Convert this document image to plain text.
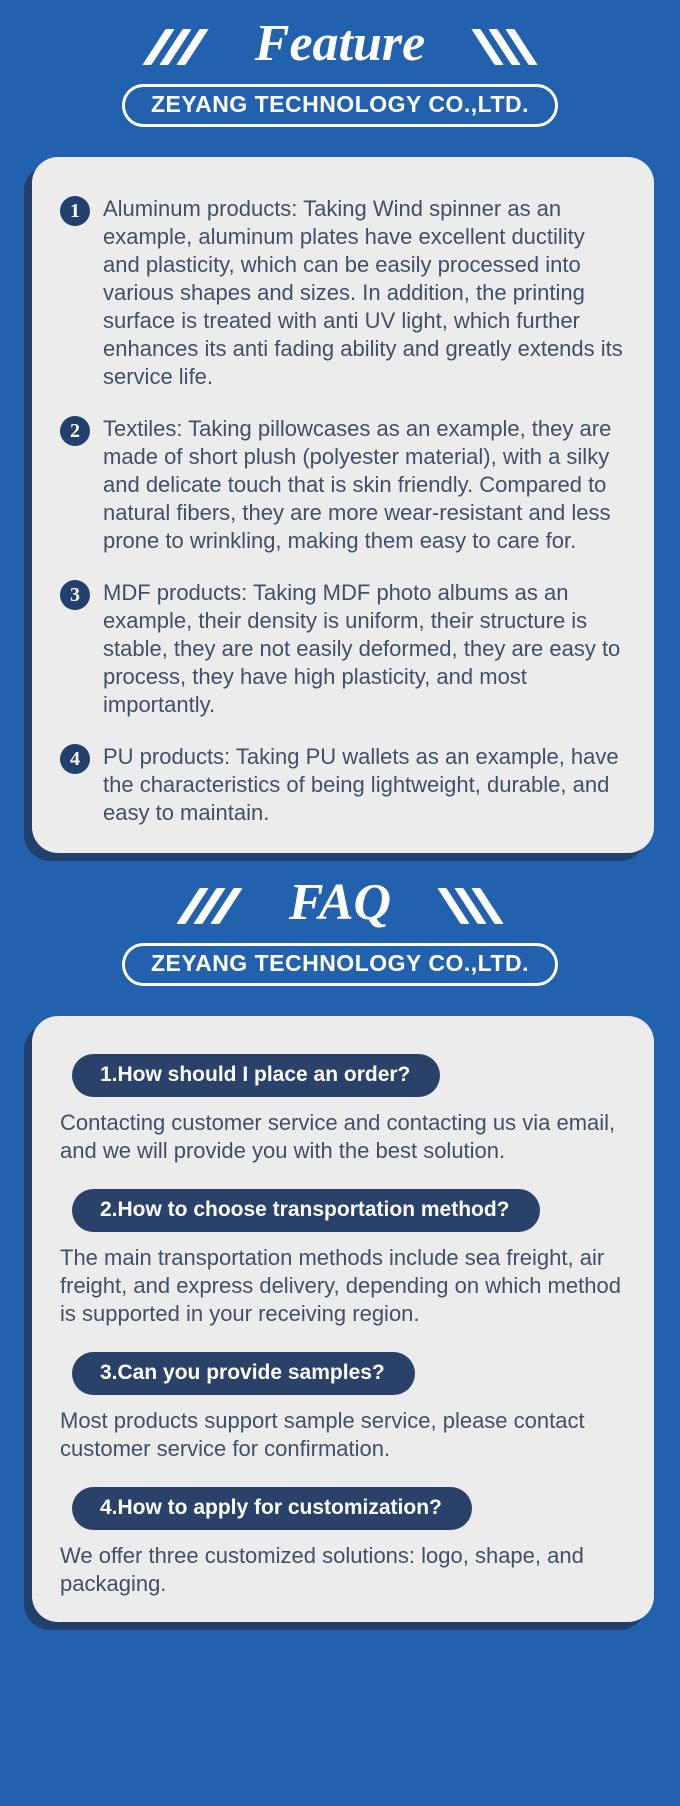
Feature
ZEYANG TECHNOLOGY CO.,LTD.
1	Aluminum products: Taking Wind spinner as an example, aluminum plates have excellent ductility and plasticity, which can be easily processed into various shapes and sizes. In addition, the printing surface is treated with anti UV light, which further enhances its anti fading ability and greatly extends its service life.

2	Textiles: Taking pillowcases as an example, they are made of short plush (polyester material), with a silky and delicate touch that is skin friendly. Compared to natural fibers, they are more wear-resistant and less prone to wrinkling, making them easy to care for.

3	MDF products: Taking MDF photo albums as an example, their density is uniform, their structure is stable, they are not easily deformed, they are easy to process, they have high plasticity, and most importantly.

4	PU products: Taking PU wallets as an example, have the characteristics of being lightweight, durable, and easy to maintain.

FAQ
ZEYANG TECHNOLOGY CO.,LTD.
1.How should I place an order?

Contacting customer service and contacting us via email, and we will provide you with the best solution.

2.How to choose transportation method?

The main transportation methods include sea freight, air freight, and express delivery, depending on which method is supported in your receiving region.

3.Can you provide samples?

Most products support sample service, please contact customer service for confirmation.

4.How to apply for customization?

We offer three customized solutions: logo, shape, and packaging.
